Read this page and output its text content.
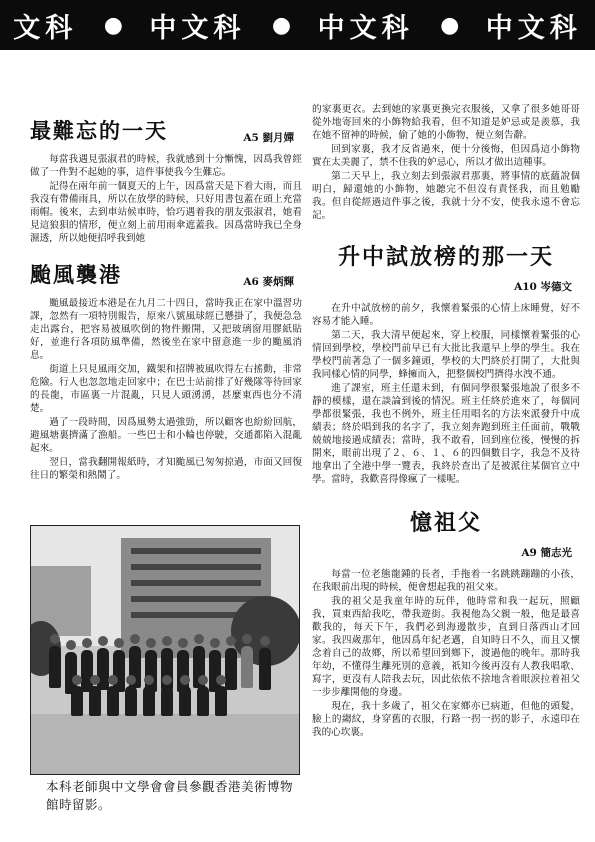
文科 ● 中文科 ● 中文科 ● 中文科
最難忘的一天	A5 劉月嬋

每當我遇見張淑君的時候，我就感到十分慚愧，因爲我曾經做了一件對不起她的事，這件事使我今生難忘。

記得在兩年前一個夏天的上午，因爲當天是下着大雨，而且我沒有帶備雨具，所以在放學的時候，只好用書包蓋在頭上充當雨帽。後來，去到車站候車時，恰巧遇着我的朋友張淑君，她看見這狼狽的情形，便立刻上前用雨傘遮蓋我。因爲當時我已全身濕透，所以她便招呼我到她

颱風襲港	A6 麥炳輝

颱風最接近本港是在九月二十四日，當時我正在家中溫習功課，忽然有一項特別報告，原來八號風球經已懸掛了，我便急急走出露台，把容易被風吹倒的物件搬開，又把玻璃窗用膠紙貼好，並進行各項防風準備，然後坐在家中留意進一步的颱風消息。

街道上只見風雨交加，鐵架和招牌被風吹得左右搖動，非常危險。行人也忽忽地走回家中；在巴士站前排了好幾隊等待回家的長龍，市區裏一片混亂，只見人頭湧湧，甚麼東西也分不清楚。

過了一段時間，因爲風勢太過強勁，所以顧客也紛紛回航，避風塘裏擠滿了漁船。一些巴士和小輪也停駛，交通都陷入混亂起來。

翌日，當我翻開報紙時，才知颱風已匆匆掠過，市面又回復往日的繁榮和熱鬧了。

本科老師與中文學會會員參觀香港美術博物館時留影。

的家裏更衣。去到她的家裏更換完衣服後，又拿了很多她哥哥從外地寄回來的小飾物給我看，但不知道是妒忌或是羨慕，我在她不留神的時候，偷了她的小飾物，便立刻告辭。

回到家裏，我才反省過來，便十分後悔，但因爲這小飾物實在太美麗了，禁不住我的妒忌心，所以才做出這種事。

第二天早上，我立刻去到張淑君那裏，將事情的底蘊說個明白，歸還她的小飾物，她聽完不但沒有責怪我，而且勉勵我。但自從經過這件事之後，我就十分不安，使我永遠不會忘記。

升中試放榜的那一天
A10 岑德文

在升中試放榜的前夕，我懷着緊張的心情上床睡覺，好不容易才能入睡。

第二天，我大清早便起來，穿上校服，同樣懷着緊張的心情回到學校，學校門前早已有大批比我還早上學的學生。我在學校門前著急了一個多鐘頭，學校的大門終於打開了，大批與我同樣心情的同學，蜂擁而入，把整個校門擠得水洩不通。

進了課室，班主任還未到，有個同學很緊張地說了很多不靜的模樣，還在談論到後的情況。班主任終於進來了，每個同學都很緊張，我也不例外，班主任用唱名的方法來派發升中成績表；終於唱到我的名字了，我立刻奔跑到班主任面前，戰戰兢兢地接過成績表；當時，我不敢看，回到座位後，慢慢的拆開來，眼前出現了２、６、１、６的四個數目字，我急不及待地拿出了全港中學一覽表，我終於查出了是被派往某個官立中學。當時，我歡喜得像瘋了一樣呢。

憶祖父
A9 簡志光

每當一位老態龍鍾的長者，手拖着一名跳跳蹦蹦的小孩，在我眼前出現的時候，便會想起我的祖父來。

我的祖父是我童年時的玩伴，他時常和我一起玩，照顧我，買東西給我吃，帶我遊街。我視他為父親一般，他是最喜歡我的，每天下午，我們必到海邊散步，直到日落西山才回家。我四歲那年，他因爲年紀老邁，自知時日不久，而且又懷念着自己的故鄉，所以希望回到鄉下，渡過他的晚年。那時我年幼，不懂得生離死別的意義，祇知今後再沒有人教我唱歌、寫字，更沒有人陪我去玩，因此依依不捨地含着眼淚拉着祖父一步步離開他的身邊。

現在，我十多歲了，祖父在家鄉亦已病逝，但他的頭髮，臉上的縐紋，身穿舊的衣服，行路一拐一拐的影子，永遠印在我的心坎裏。
